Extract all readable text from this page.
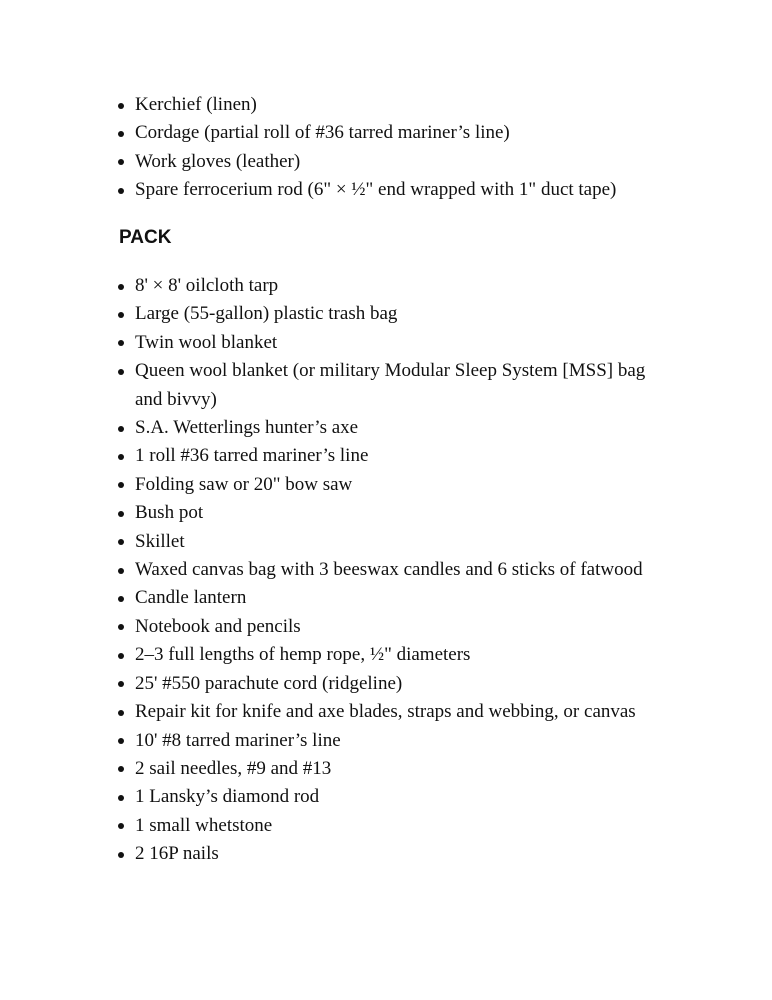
Kerchief (linen)
Cordage (partial roll of #36 tarred mariner’s line)
Work gloves (leather)
Spare ferrocerium rod (6" × ½" end wrapped with 1" duct tape)
PACK
8' × 8' oilcloth tarp
Large (55-gallon) plastic trash bag
Twin wool blanket
Queen wool blanket (or military Modular Sleep System [MSS] bag and bivvy)
S.A. Wetterlings hunter’s axe
1 roll #36 tarred mariner’s line
Folding saw or 20" bow saw
Bush pot
Skillet
Waxed canvas bag with 3 beeswax candles and 6 sticks of fatwood
Candle lantern
Notebook and pencils
2–3 full lengths of hemp rope, ½" diameters
25' #550 parachute cord (ridgeline)
Repair kit for knife and axe blades, straps and webbing, or canvas
10' #8 tarred mariner’s line
2 sail needles, #9 and #13
1 Lansky’s diamond rod
1 small whetstone
2 16P nails
